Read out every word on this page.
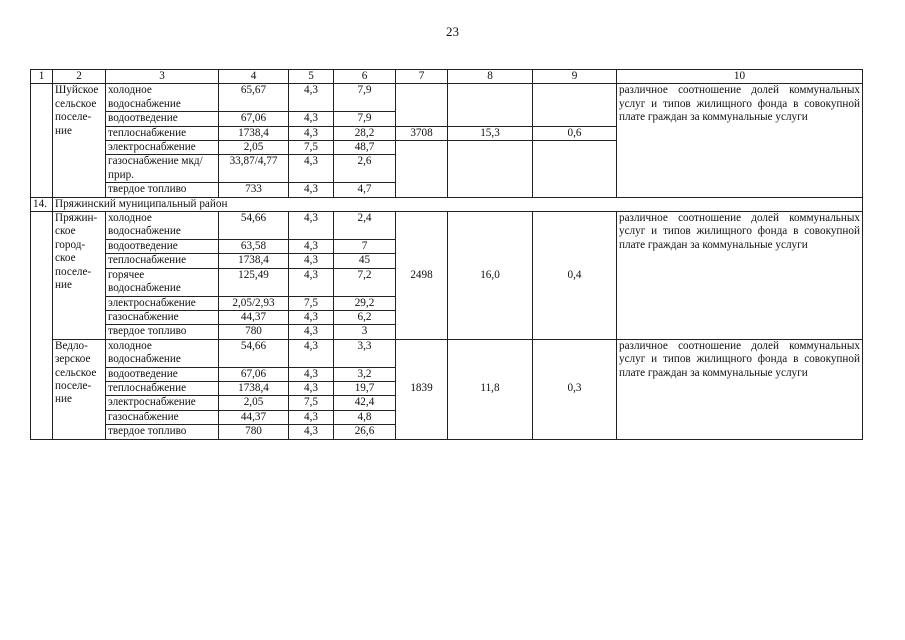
23
1	2	3	4	5	6	7	8	9	10
	Шуйское сельское поселе-ние	холодное водоснабжение	65,67	4,3	7,9				различное соотношение долей коммунальных услуг и типов жилищного фонда в совокупной плате граждан за коммунальные услуги
		водоотведение	67,06	4,3	7,9				
		теплоснабжение	1738,4	4,3	28,2	3708	15,3	0,6	
		электроснабжение	2,05	7,5	48,7				
		газоснабжение мкд/прир.	33,87/4,77	4,3	2,6				
		твердое топливо	733	4,3	4,7				
14.	Пряжинский муниципальный район								
	Пряжин-ское город-ское поселе-ние	холодное водоснабжение	54,66	4,3	2,4	2498	16,0	0,4	различное соотношение долей коммунальных услуг и типов жилищного фонда в совокупной плате граждан за коммунальные услуги
		водоотведение	63,58	4,3	7				
		теплоснабжение	1738,4	4,3	45				
		горячее водоснабжение	125,49	4,3	7,2				
		электроснабжение	2,05/2,93	7,5	29,2				
		газоснабжение	44,37	4,3	6,2				
		твердое топливо	780	4,3	3				
	Ведло-зерское сельское поселе-ние	холодное водоснабжение	54,66	4,3	3,3	1839	11,8	0,3	различное соотношение долей коммунальных услуг и типов жилищного фонда в совокупной плате граждан за коммунальные услуги
		водоотведение	67,06	4,3	3,2				
		теплоснабжение	1738,4	4,3	19,7				
		электроснабжение	2,05	7,5	42,4				
		газоснабжение	44,37	4,3	4,8				
		твердое топливо	780	4,3	26,6				
